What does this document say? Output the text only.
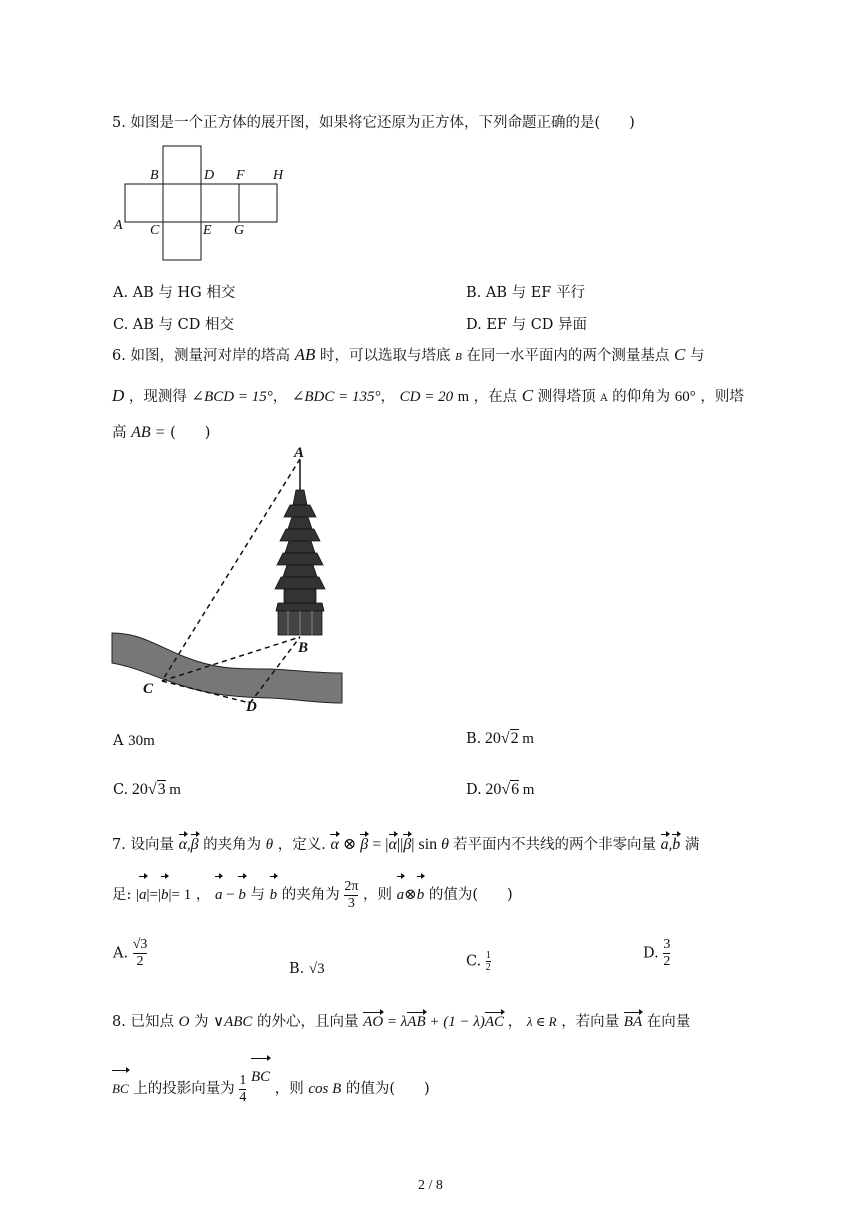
5. 如图是一个正方体的展开图，如果将它还原为正方体，下列命题正确的是(　　)
B	D F H
A C	E G
A. AB 与 HG 相交	B. AB 与 EF 平行
C. AB 与 CD 相交	D. EF 与 CD 异面
6. 如图，测量河对岸的塔高 AB 时，可以选取与塔底 B 在同一水平面内的两个测量基点 C 与
D ，现测得 ∠BCD = 15°， ∠BDC = 135°， CD = 20 m ，在点 C 测得塔顶 A 的仰角为 60° ，则塔
高 AB = (　　)
A
B
C
D
A 30m	B. 20√2 m
C. 20√3 m	D. 20√6 m
7. 设向量 α,β 的夹角为 θ ，定义. α ⊗ β = |α||β| sin θ 若平面内不共线的两个非零向量 a,b 满
足: |a|=|b|= 1 ， a − b 与 b 的夹角为 $\frac{2\pi}{3}$ ，则 a⊗b 的值为(　　)
A. $\frac{√3}{2}$	B. √3	C. $\frac{1}{2}$	D. $\frac{3}{2}$
8. 已知点 O 为 ∨ABC 的外心，且向量 AO = λAB + (1 − λ)AC ， λ ∈ R ，若向量 BA 在向量
BC 上的投影向量为 $\frac{1}{4}$ BC ，则 cos B 的值为(　　)
2 / 8
